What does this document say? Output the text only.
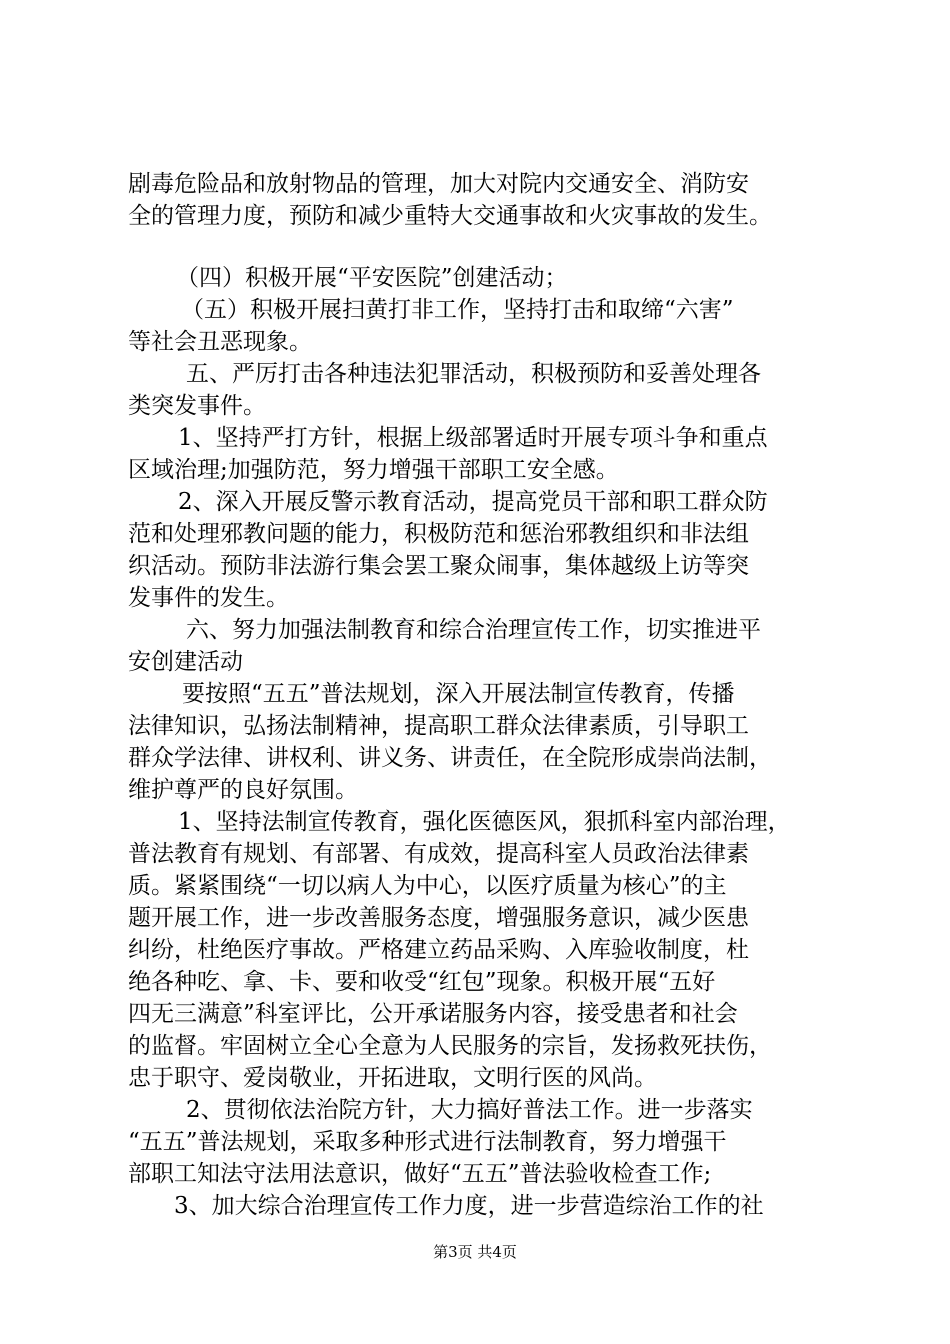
剧毒危险品和放射物品的管理，加大对院内交通安全、消防安
全的管理力度，预防和减少重特大交通事故和火灾事故的发生。
（四）积极开展“平安医院”创建活动；
（五）积极开展扫黄打非工作，坚持打击和取缔“六害”
等社会丑恶现象。
五、严厉打击各种违法犯罪活动，积极预防和妥善处理各
类突发事件。
1、坚持严打方针，根据上级部署适时开展专项斗争和重点
区域治理;加强防范，努力增强干部职工安全感。
2、深入开展反警示教育活动，提高党员干部和职工群众防
范和处理邪教问题的能力，积极防范和惩治邪教组织和非法组
织活动。预防非法游行集会罢工聚众闹事，集体越级上访等突
发事件的发生。
六、努力加强法制教育和综合治理宣传工作，切实推进平
安创建活动
要按照“五五”普法规划，深入开展法制宣传教育，传播
法律知识，弘扬法制精神，提高职工群众法律素质，引导职工
群众学法律、讲权利、讲义务、讲责任，在全院形成崇尚法制，
维护尊严的良好氛围。
1、坚持法制宣传教育，强化医德医风，狠抓科室内部治理，
普法教育有规划、有部署、有成效，提高科室人员政治法律素
质。紧紧围绕“一切以病人为中心，以医疗质量为核心”的主
题开展工作，进一步改善服务态度，增强服务意识，减少医患
纠纷，杜绝医疗事故。严格建立药品采购、入库验收制度，杜
绝各种吃、拿、卡、要和收受“红包”现象。积极开展“五好
四无三满意”科室评比，公开承诺服务内容，接受患者和社会
的监督。牢固树立全心全意为人民服务的宗旨，发扬救死扶伤，
忠于职守、爱岗敬业，开拓进取，文明行医的风尚。
2、贯彻依法治院方针，大力搞好普法工作。进一步落实
“五五”普法规划，采取多种形式进行法制教育，努力增强干
部职工知法守法用法意识，做好“五五”普法验收检查工作;
3、加大综合治理宣传工作力度，进一步营造综治工作的社
第3页 共4页
